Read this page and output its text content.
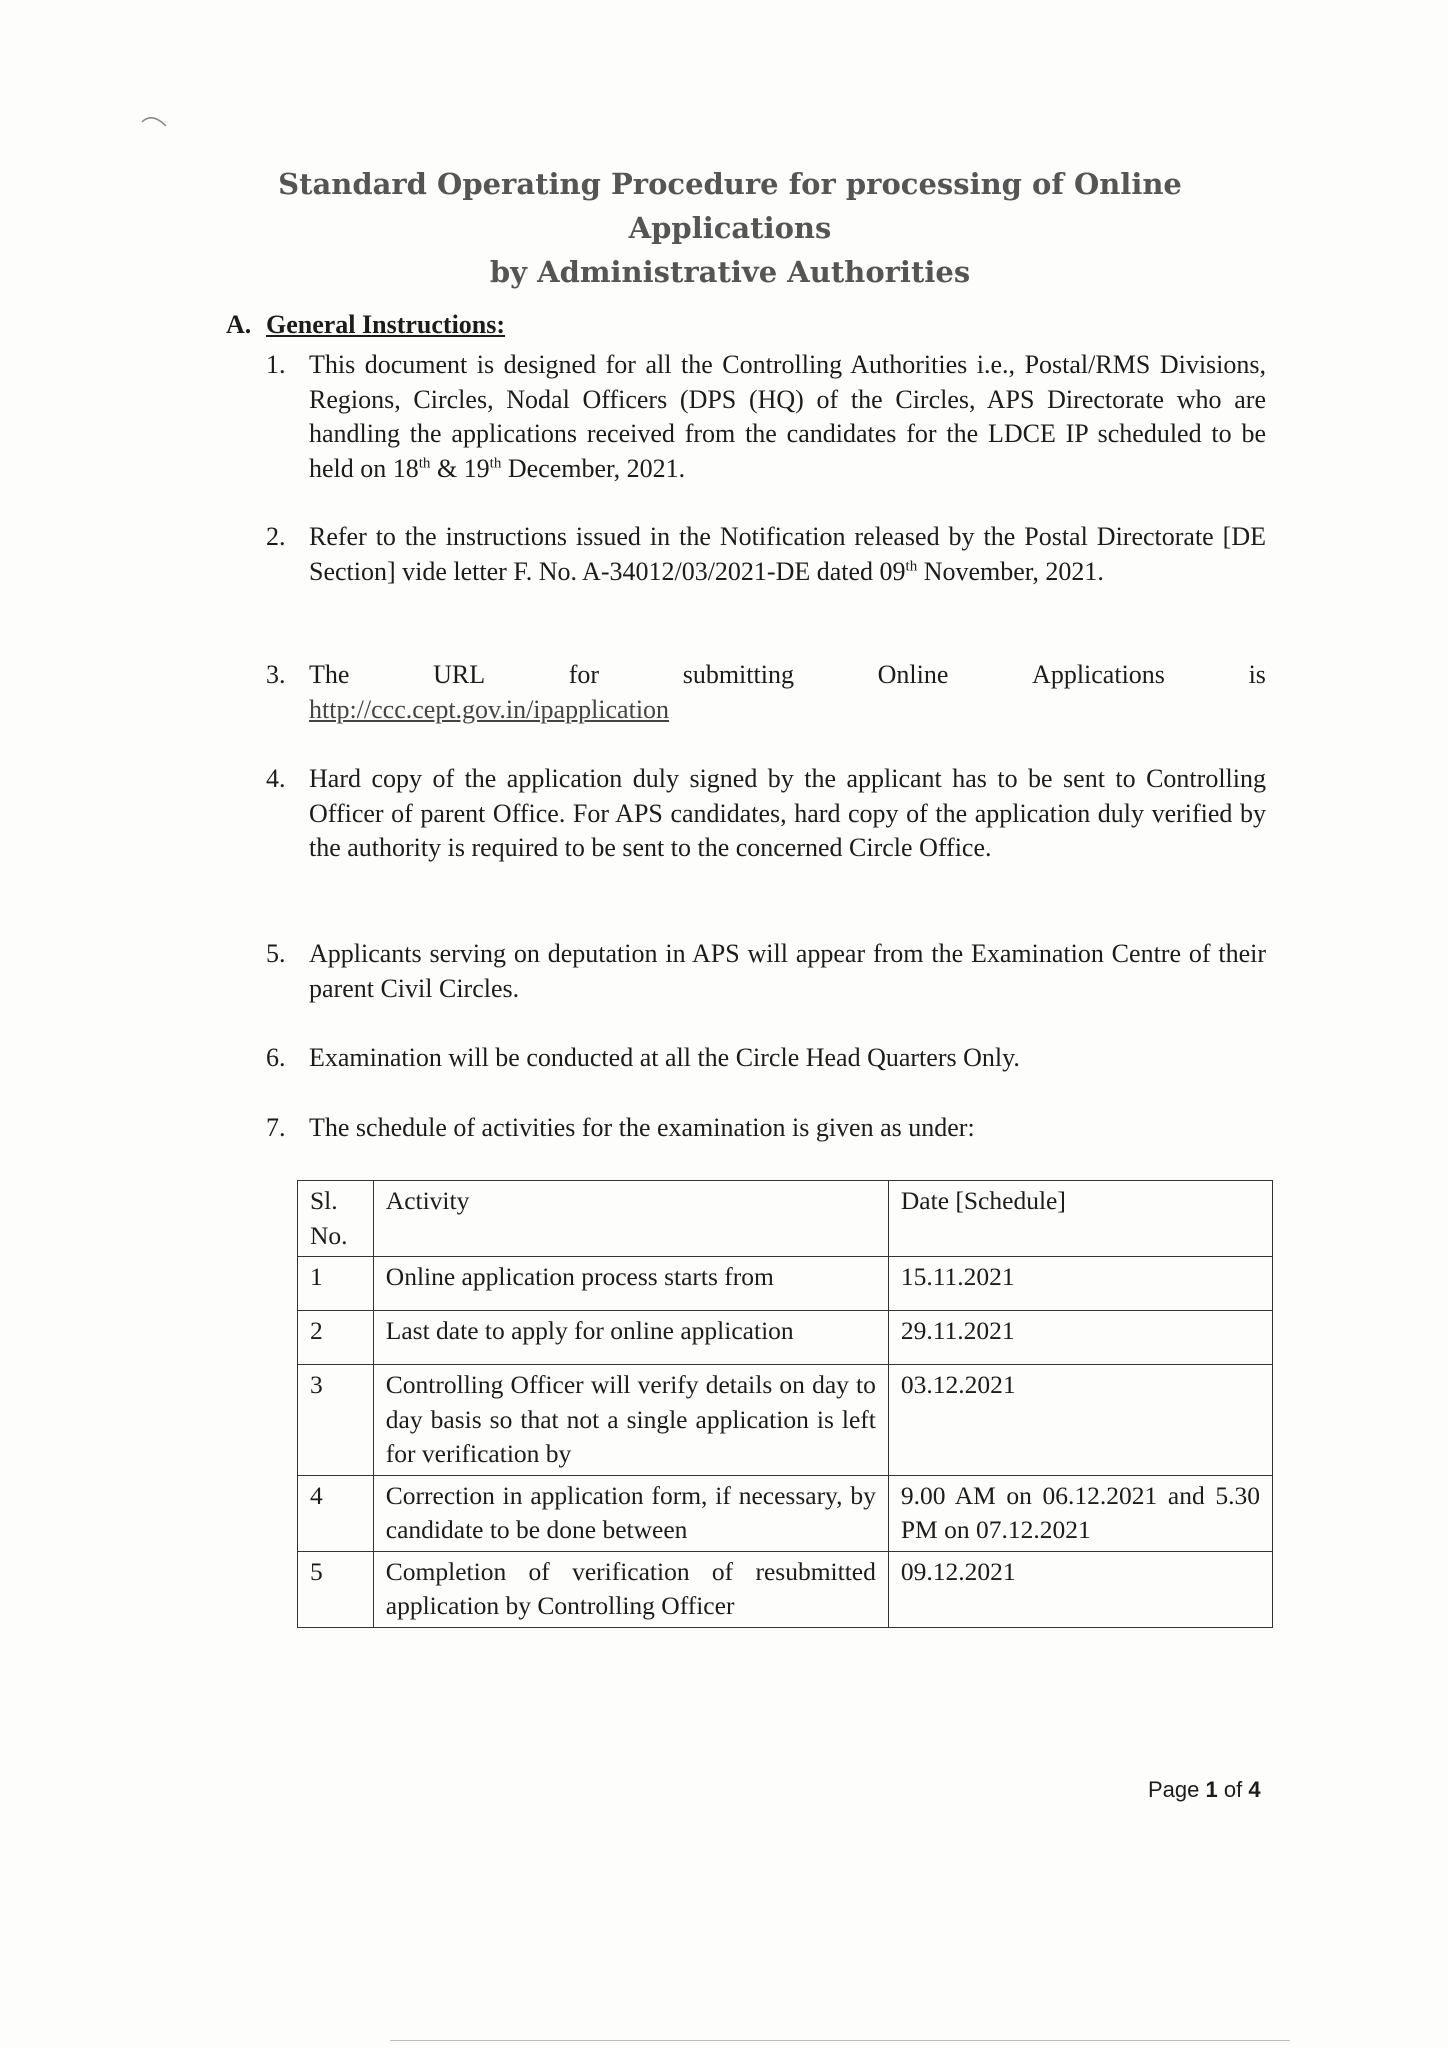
Standard Operating Procedure for processing of Online Applications
by Administrative Authorities
A. General Instructions:
1. This document is designed for all the Controlling Authorities i.e., Postal/RMS Divisions, Regions, Circles, Nodal Officers (DPS (HQ) of the Circles, APS Directorate who are handling the applications received from the candidates for the LDCE IP scheduled to be held on 18th & 19th December, 2021.
2. Refer to the instructions issued in the Notification released by the Postal Directorate [DE Section] vide letter F. No. A-34012/03/2021-DE dated 09th November, 2021.
3. The	URL	for	submitting	Online	Applications	is
http://ccc.cept.gov.in/ipapplication
4. Hard copy of the application duly signed by the applicant has to be sent to Controlling Officer of parent Office. For APS candidates, hard copy of the application duly verified by the authority is required to be sent to the concerned Circle Office.
5. Applicants serving on deputation in APS will appear from the Examination Centre of their parent Civil Circles.
6. Examination will be conducted at all the Circle Head Quarters Only.
7. The schedule of activities for the examination is given as under:
Sl. No.	Activity	Date [Schedule]
1	Online application process starts from	15.11.2021
2	Last date to apply for online application	29.11.2021
3	Controlling Officer will verify details on day to day basis so that not a single application is left for verification by	03.12.2021
4	Correction in application form, if necessary, by candidate to be done between	9.00 AM on 06.12.2021 and 5.30 PM on 07.12.2021
5	Completion of verification of resubmitted application by Controlling Officer	09.12.2021
Page 1 of 4
